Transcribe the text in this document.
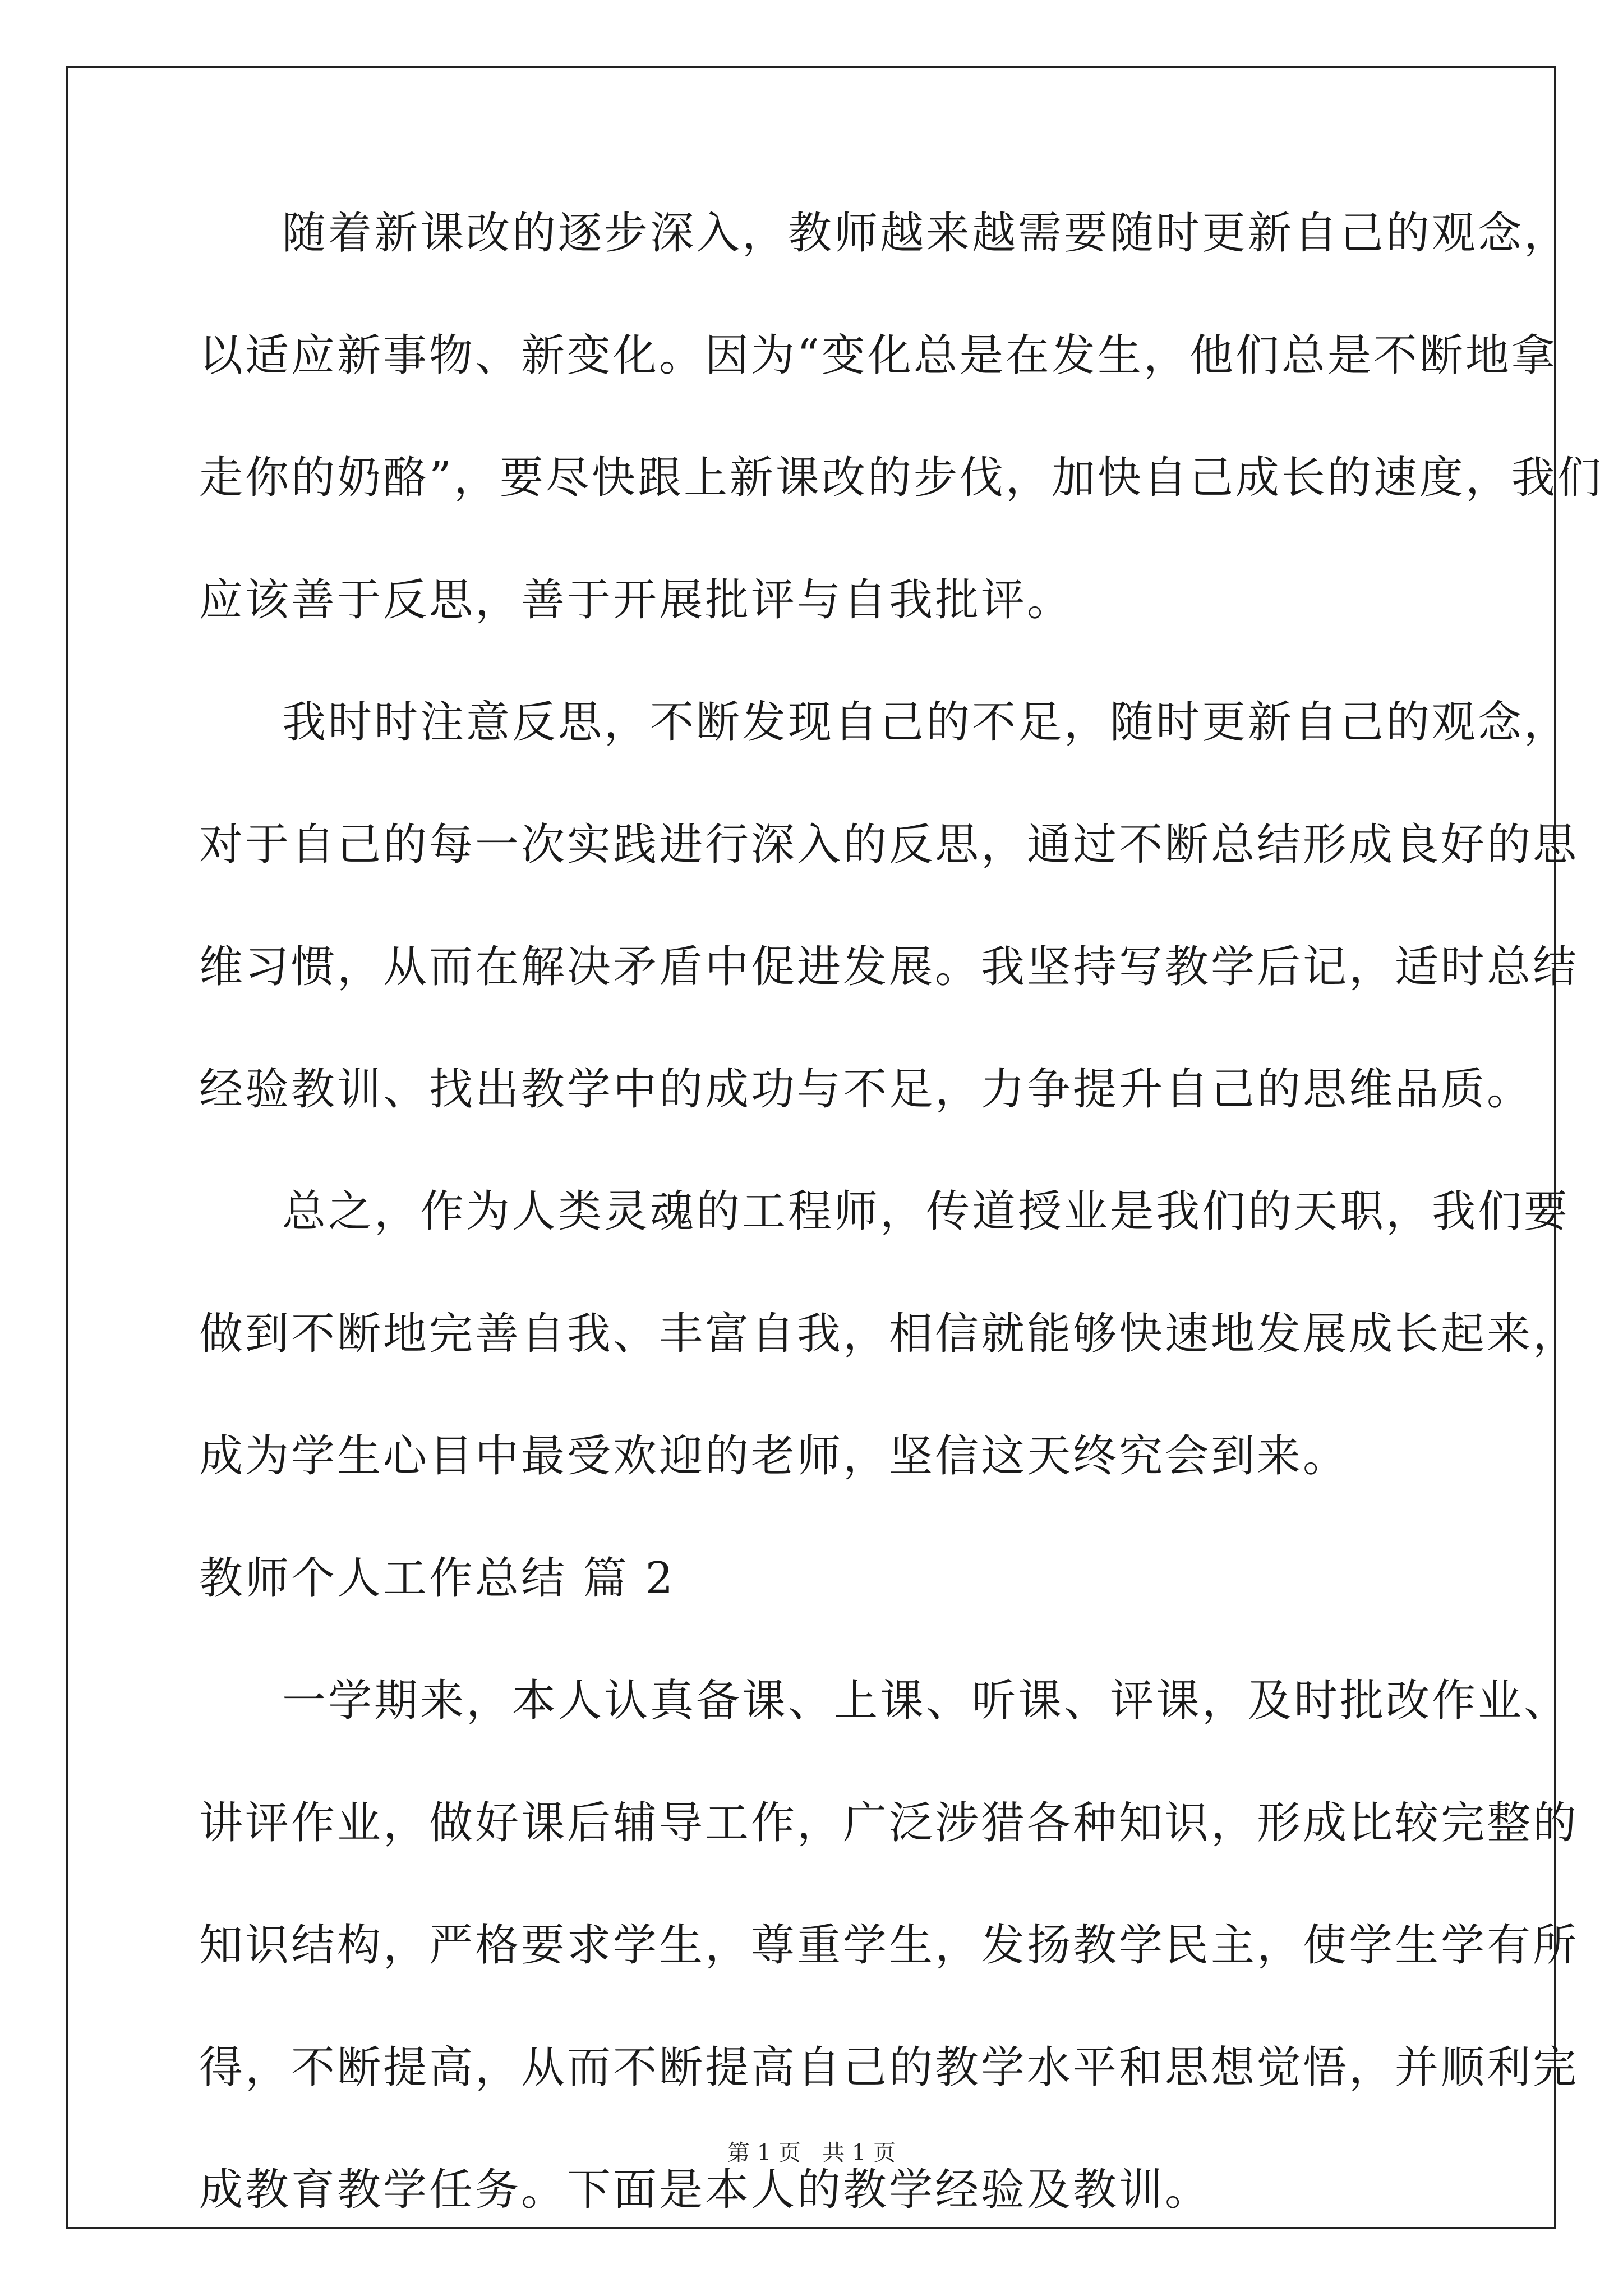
随着新课改的逐步深入，教师越来越需要随时更新自己的观念，
以适应新事物、新变化。因为“变化总是在发生，他们总是不断地拿
走你的奶酪”，要尽快跟上新课改的步伐，加快自己成长的速度，我们
应该善于反思，善于开展批评与自我批评。
我时时注意反思，不断发现自己的不足，随时更新自己的观念，
对于自己的每一次实践进行深入的反思，通过不断总结形成良好的思
维习惯，从而在解决矛盾中促进发展。我坚持写教学后记，适时总结
经验教训、找出教学中的成功与不足，力争提升自己的思维品质。
总之，作为人类灵魂的工程师，传道授业是我们的天职，我们要
做到不断地完善自我、丰富自我，相信就能够快速地发展成长起来，
成为学生心目中最受欢迎的老师，坚信这天终究会到来。
教师个人工作总结 篇 2
一学期来，本人认真备课、上课、听课、评课，及时批改作业、
讲评作业，做好课后辅导工作，广泛涉猎各种知识，形成比较完整的
知识结构，严格要求学生，尊重学生，发扬教学民主，使学生学有所
得，不断提高，从而不断提高自己的教学水平和思想觉悟，并顺利完
成教育教学任务。下面是本人的教学经验及教训。
第 1 页   共 1 页
